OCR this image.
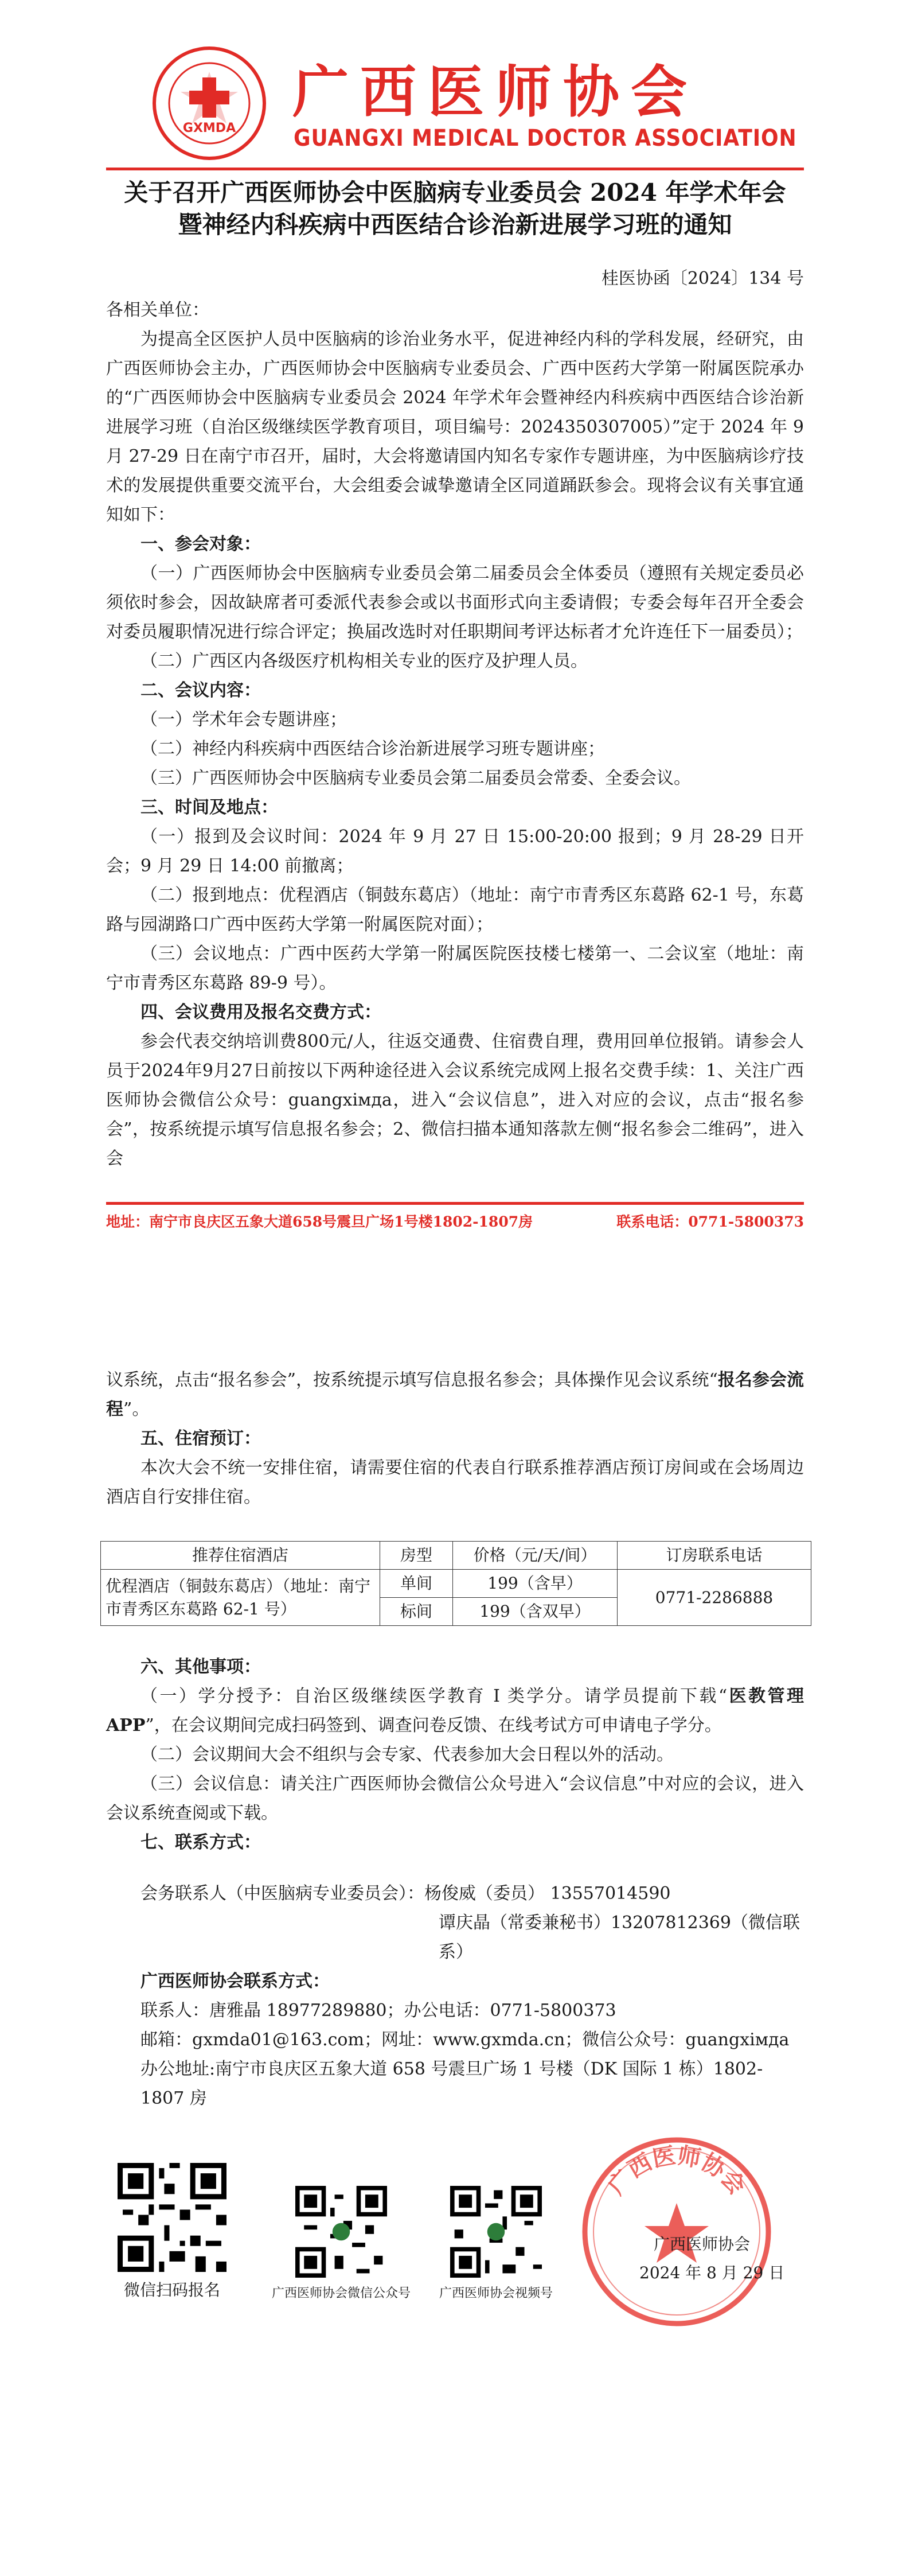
GXMDA
广西医师协会
GUANGXI MEDICAL DOCTOR ASSOCIATION
关于召开广西医师协会中医脑病专业委员会 2024 年学术年会
暨神经内科疾病中西医结合诊治新进展学习班的通知
桂医协函〔2024〕134 号

各相关单位：

为提高全区医护人员中医脑病的诊治业务水平，促进神经内科的学科发展，经研究，由广西医师协会主办，广西医师协会中医脑病专业委员会、广西中医药大学第一附属医院承办的“广西医师协会中医脑病专业委员会 2024 年学术年会暨神经内科疾病中西医结合诊治新进展学习班（自治区级继续医学教育项目，项目编号：2024350307005）”定于 2024 年 9 月 27-29 日在南宁市召开，届时，大会将邀请国内知名专家作专题讲座，为中医脑病诊疗技术的发展提供重要交流平台，大会组委会诚挚邀请全区同道踊跃参会。现将会议有关事宜通知如下：

一、参会对象：

（一）广西医师协会中医脑病专业委员会第二届委员会全体委员（遵照有关规定委员必须依时参会，因故缺席者可委派代表参会或以书面形式向主委请假；专委会每年召开全委会对委员履职情况进行综合评定；换届改选时对任职期间考评达标者才允许连任下一届委员）；

（二）广西区内各级医疗机构相关专业的医疗及护理人员。

二、会议内容：

（一）学术年会专题讲座；

（二）神经内科疾病中西医结合诊治新进展学习班专题讲座；

（三）广西医师协会中医脑病专业委员会第二届委员会常委、全委会议。

三、时间及地点：

（一）报到及会议时间：2024 年 9 月 27 日 15:00-20:00 报到；9 月 28-29 日开会；9 月 29 日 14:00 前撤离；

（二）报到地点：优程酒店（铜鼓东葛店）（地址：南宁市青秀区东葛路 62-1 号，东葛路与园湖路口广西中医药大学第一附属医院对面）；

（三）会议地点：广西中医药大学第一附属医院医技楼七楼第一、二会议室（地址：南宁市青秀区东葛路 89-9 号）。

四、会议费用及报名交费方式：

参会代表交纳培训费800元/人，往返交通费、住宿费自理，费用回单位报销。请参会人员于2024年9月27日前按以下两种途径进入会议系统完成网上报名交费手续：1、关注广西医师协会微信公众号：guangxiмда，进入“会议信息”，进入对应的会议，点击“报名参会”，按系统提示填写信息报名参会；2、微信扫描本通知落款左侧“报名参会二维码”，进入会

地址：南宁市良庆区五象大道658号震旦广场1号楼1802-1807房	联系电话：0771-5800373

议系统，点击“报名参会”，按系统提示填写信息报名参会；具体操作见会议系统“报名参会流程”。

五、住宿预订：

本次大会不统一安排住宿，请需要住宿的代表自行联系推荐酒店预订房间或在会场周边酒店自行安排住宿。

推荐住宿酒店	房型	价格（元/天/间）	订房联系电话
优程酒店（铜鼓东葛店）（地址：南宁市青秀区东葛路 62-1 号）	单间	199（含早）	0771-2286888
	标间	199（含双早）	

六、其他事项：

（一）学分授予：自治区级继续医学教育 I 类学分。请学员提前下载“医教管理 APP”，在会议期间完成扫码签到、调查问卷反馈、在线考试方可申请电子学分。

（二）会议期间大会不组织与会专家、代表参加大会日程以外的活动。

（三）会议信息：请关注广西医师协会微信公众号进入“会议信息”中对应的会议，进入会议系统查阅或下载。

七、联系方式：

会务联系人（中医脑病专业委员会）：杨俊威（委员） 13557014590

谭庆晶（常委兼秘书）13207812369（微信联系）

广西医师协会联系方式：

联系人：唐雅晶 18977289880；办公电话：0771-5800373

邮箱：gxmda01@163.com；网址：www.gxmda.cn；微信公众号：guangxiмда

办公地址:南宁市良庆区五象大道 658 号震旦广场 1 号楼（DK 国际 1 栋）1802-1807 房

微信扫码报名	广西医师协会微信公众号	广西医师协会视频号
广西医师协会
广西医师协会
2024 年 8 月 29 日
